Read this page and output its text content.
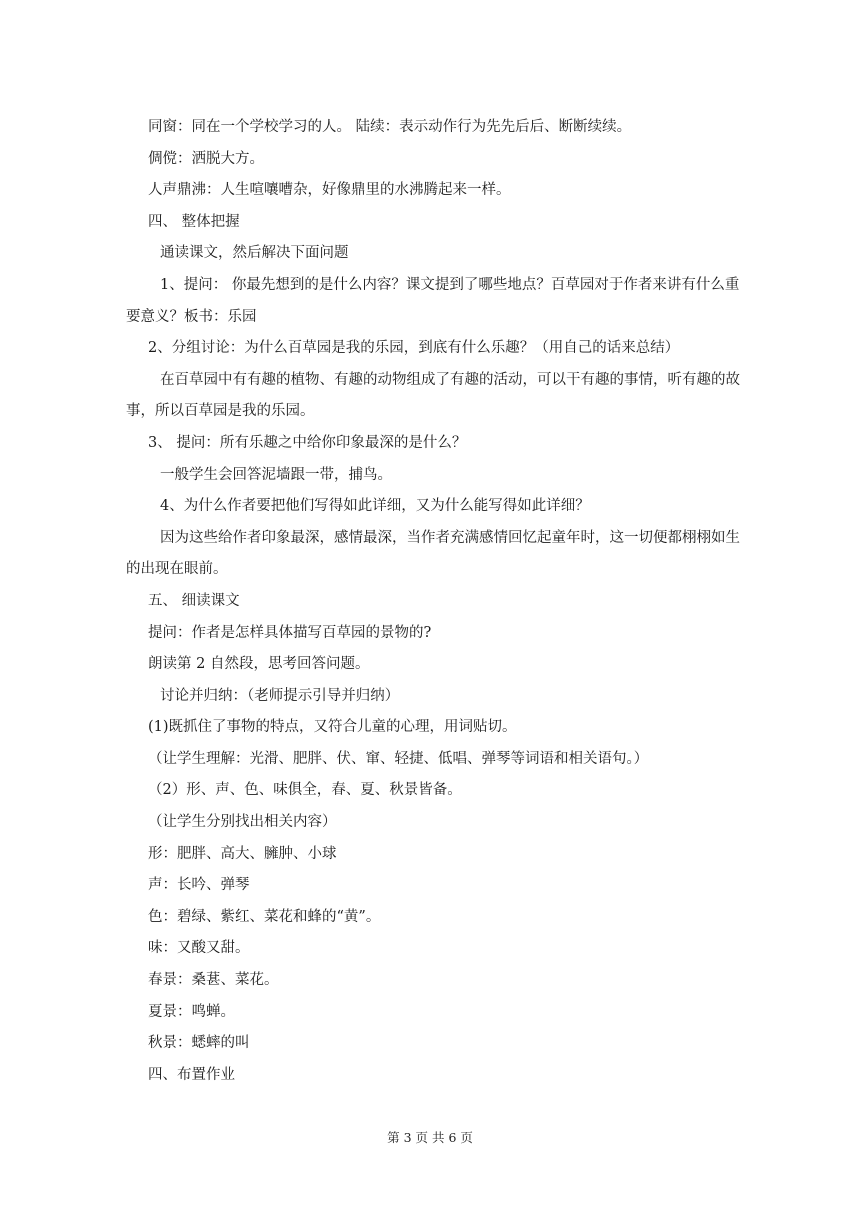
同窗：同在一个学校学习的人。 陆续：表示动作行为先先后后、断断续续。
倜傥：洒脱大方。
人声鼎沸：人生喧嚷嘈杂，好像鼎里的水沸腾起来一样。
四、 整体把握
通读课文，然后解决下面问题
1、提问： 你最先想到的是什么内容？课文提到了哪些地点？百草园对于作者来讲有什么重要意义？板书：乐园
2、分组讨论：为什么百草园是我的乐园，到底有什么乐趣？（用自己的话来总结）
在百草园中有有趣的植物、有趣的动物组成了有趣的活动，可以干有趣的事情，听有趣的故事，所以百草园是我的乐园。
3、 提问：所有乐趣之中给你印象最深的是什么？
一般学生会回答泥墙跟一带，捕鸟。
4、为什么作者要把他们写得如此详细，又为什么能写得如此详细？
因为这些给作者印象最深，感情最深，当作者充满感情回忆起童年时，这一切便都栩栩如生的出现在眼前。
五、 细读课文
提问：作者是怎样具体描写百草园的景物的?
朗读第 2 自然段，思考回答问题。
讨论并归纳：（老师提示引导并归纳）
(1)既抓住了事物的特点，又符合儿童的心理，用词贴切。
（让学生理解：光滑、肥胖、伏、窜、轻捷、低唱、弹琴等词语和相关语句。）
（2）形、声、色、味俱全，春、夏、秋景皆备。
（让学生分别找出相关内容）
形：肥胖、高大、臃肿、小球
声：长吟、弹琴
色：碧绿、紫红、菜花和蜂的“黄”。
味：又酸又甜。
春景：桑葚、菜花。
夏景：鸣蝉。
秋景：蟋蟀的叫
四、布置作业
第 3 页 共 6 页
